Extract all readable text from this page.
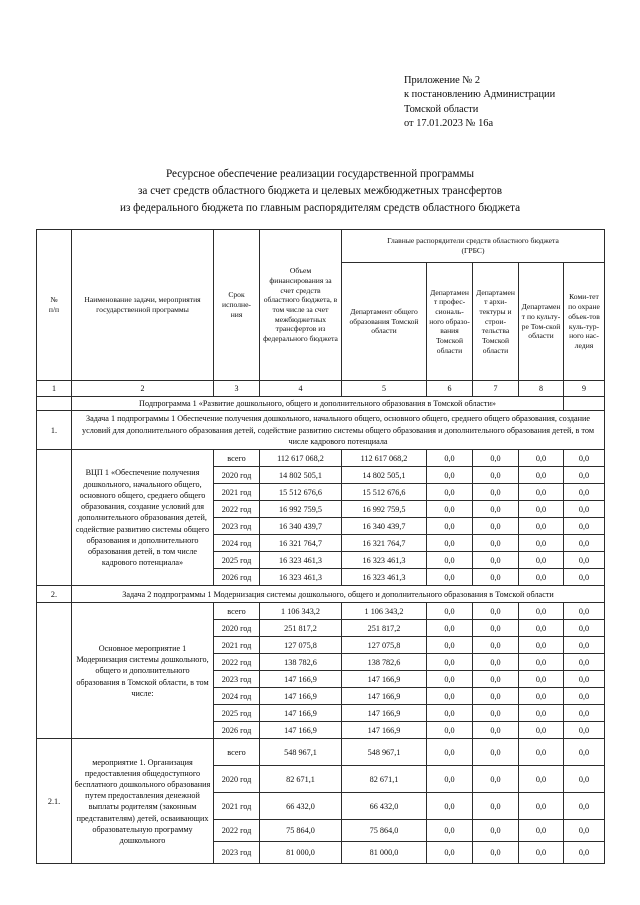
Приложение № 2
к постановлению Администрации
Томской области
от 17.01.2023 № 16а
Ресурсное обеспечение реализации государственной программы
за счет средств областного бюджета и целевых межбюджетных трансфертов
из федерального бюджета по главным распорядителям средств областного бюджета
№
п/п	Наименование задачи, мероприятия государственной программы	Срок
исполне-
ния	Объем финансирования за счет средств областного бюджета, в том числе за счет межбюджетных трансфертов из федерального бюджета	Главные распорядители средств областного бюджета
(ГРБС)				
				Департамент общего образования Томской области	Департамент профес-сиональ-ного образо-вания Томской области	Департамент архи-тектуры и строи-тельства Томской области	Департамент по культу-ре Том-ской области	Коми-тет по охране объек-тов куль-тур-ного нас-ледия
1	2	3	4	5	6	7	8	9
	Подпрограмма 1 «Развитие дошкольного, общего и дополнительного образования в Томской области»							
1.	Задача 1 подпрограммы 1 Обеспечение получения дошкольного, начального общего, основного общего, среднего общего образования, создание условий для дополнительного образования детей, содействие развитию системы общего образования и дополнительного образования детей, в том числе кадрового потенциала							
	ВЦП 1 «Обеспечение получения дошкольного, начального общего, основного общего, среднего общего образования, создание условий для дополнительного образования детей, содействие развитию системы общего образования и дополнительного образования детей, в том числе кадрового потенциала»	всего	112 617 068,2	112 617 068,2	0,0	0,0	0,0	0,0
		2020 год	14 802 505,1	14 802 505,1	0,0	0,0	0,0	0,0
		2021 год	15 512 676,6	15 512 676,6	0,0	0,0	0,0	0,0
		2022 год	16 992 759,5	16 992 759,5	0,0	0,0	0,0	0,0
		2023 год	16 340 439,7	16 340 439,7	0,0	0,0	0,0	0,0
		2024 год	16 321 764,7	16 321 764,7	0,0	0,0	0,0	0,0
		2025 год	16 323 461,3	16 323 461,3	0,0	0,0	0,0	0,0
		2026 год	16 323 461,3	16 323 461,3	0,0	0,0	0,0	0,0
2.	Задача 2 подпрограммы 1 Модернизация системы дошкольного, общего и дополнительного образования в Томской области							
	Основное мероприятие 1 Модернизация системы дошкольного, общего и дополнительного образования в Томской области, в том числе:	всего	1 106 343,2	1 106 343,2	0,0	0,0	0,0	0,0
		2020 год	251 817,2	251 817,2	0,0	0,0	0,0	0,0
		2021 год	127 075,8	127 075,8	0,0	0,0	0,0	0,0
		2022 год	138 782,6	138 782,6	0,0	0,0	0,0	0,0
		2023 год	147 166,9	147 166,9	0,0	0,0	0,0	0,0
		2024 год	147 166,9	147 166,9	0,0	0,0	0,0	0,0
		2025 год	147 166,9	147 166,9	0,0	0,0	0,0	0,0
		2026 год	147 166,9	147 166,9	0,0	0,0	0,0	0,0
2.1.	мероприятие 1. Организация предоставления общедоступного бесплатного дошкольного образования путем предоставления денежной выплаты родителям (законным представителям) детей, осваивающих образовательную программу дошкольного	всего	548 967,1	548 967,1	0,0	0,0	0,0	0,0
		2020 год	82 671,1	82 671,1	0,0	0,0	0,0	0,0
		2021 год	66 432,0	66 432,0	0,0	0,0	0,0	0,0
		2022 год	75 864,0	75 864,0	0,0	0,0	0,0	0,0
		2023 год	81 000,0	81 000,0	0,0	0,0	0,0	0,0
